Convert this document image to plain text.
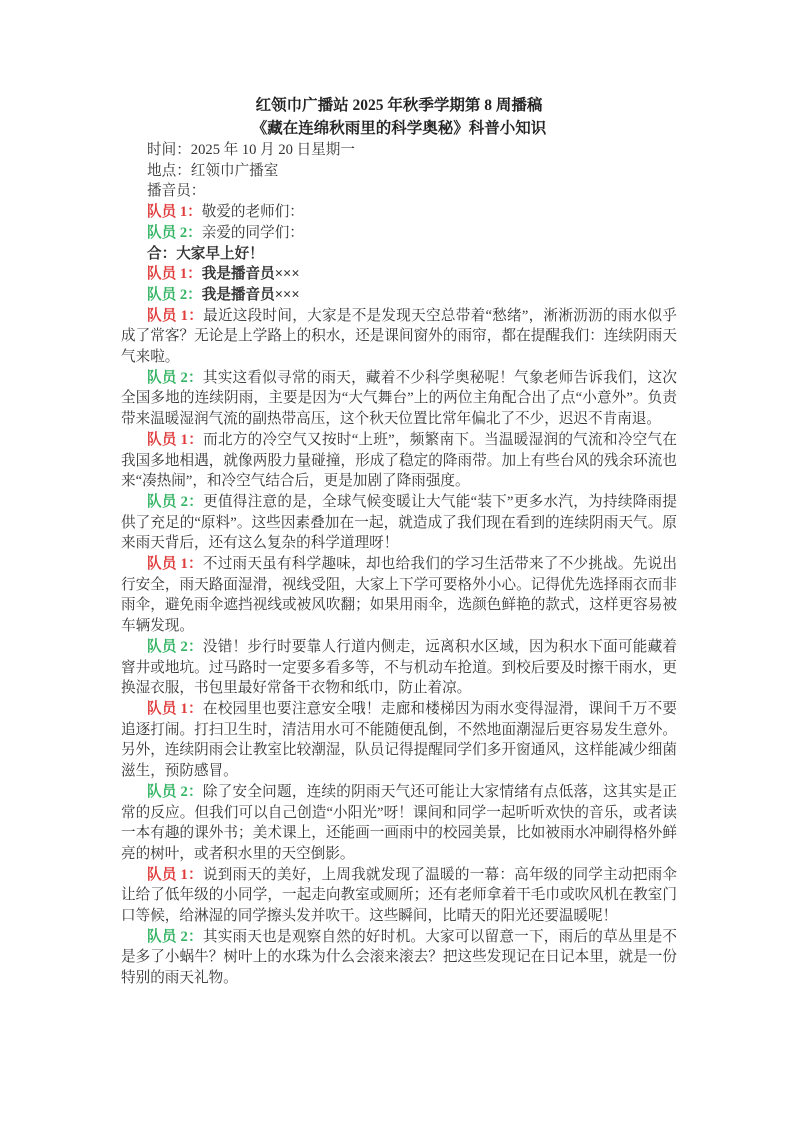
红领巾广播站 2025 年秋季学期第 8 周播稿
《藏在连绵秋雨里的科学奥秘》科普小知识

时间：2025 年 10 月 20 日星期一

地点：红领巾广播室

播音员：

队员 1：敬爱的老师们：

队员 2：亲爱的同学们：

合：大家早上好！

队员 1：我是播音员×××

队员 2：我是播音员×××

队员 1：最近这段时间，大家是不是发现天空总带着“愁绪”，淅淅沥沥的雨水似乎成了常客？无论是上学路上的积水，还是课间窗外的雨帘，都在提醒我们：连续阴雨天气来啦。

队员 2：其实这看似寻常的雨天，藏着不少科学奥秘呢！气象老师告诉我们，这次全国多地的连续阴雨，主要是因为“大气舞台”上的两位主角配合出了点“小意外”。负责带来温暖湿润气流的副热带高压，这个秋天位置比常年偏北了不少，迟迟不肯南退。

队员 1：而北方的冷空气又按时“上班”，频繁南下。当温暖湿润的气流和冷空气在我国多地相遇，就像两股力量碰撞，形成了稳定的降雨带。加上有些台风的残余环流也来“凑热闹”，和冷空气结合后，更是加剧了降雨强度。

队员 2：更值得注意的是，全球气候变暖让大气能“装下”更多水汽，为持续降雨提供了充足的“原料”。这些因素叠加在一起，就造成了我们现在看到的连续阴雨天气。原来雨天背后，还有这么复杂的科学道理呀！

队员 1：不过雨天虽有科学趣味，却也给我们的学习生活带来了不少挑战。先说出行安全，雨天路面湿滑，视线受阻，大家上下学可要格外小心。记得优先选择雨衣而非雨伞，避免雨伞遮挡视线或被风吹翻；如果用雨伞，选颜色鲜艳的款式，这样更容易被车辆发现。

队员 2：没错！步行时要靠人行道内侧走，远离积水区域，因为积水下面可能藏着窨井或地坑。过马路时一定要多看多等，不与机动车抢道。到校后要及时擦干雨水，更换湿衣服，书包里最好常备干衣物和纸巾，防止着凉。

队员 1：在校园里也要注意安全哦！走廊和楼梯因为雨水变得湿滑，课间千万不要追逐打闹。打扫卫生时，清洁用水可不能随便乱倒，不然地面潮湿后更容易发生意外。另外，连续阴雨会让教室比较潮湿，队员记得提醒同学们多开窗通风，这样能减少细菌滋生，预防感冒。

队员 2：除了安全问题，连续的阴雨天气还可能让大家情绪有点低落，这其实是正常的反应。但我们可以自己创造“小阳光”呀！课间和同学一起听听欢快的音乐，或者读一本有趣的课外书；美术课上，还能画一画雨中的校园美景，比如被雨水冲刷得格外鲜亮的树叶，或者积水里的天空倒影。

队员 1：说到雨天的美好，上周我就发现了温暖的一幕：高年级的同学主动把雨伞让给了低年级的小同学，一起走向教室或厕所；还有老师拿着干毛巾或吹风机在教室门口等候，给淋湿的同学擦头发并吹干。这些瞬间，比晴天的阳光还要温暖呢！

队员 2：其实雨天也是观察自然的好时机。大家可以留意一下，雨后的草丛里是不是多了小蜗牛？树叶上的水珠为什么会滚来滚去？把这些发现记在日记本里，就是一份特别的雨天礼物。
